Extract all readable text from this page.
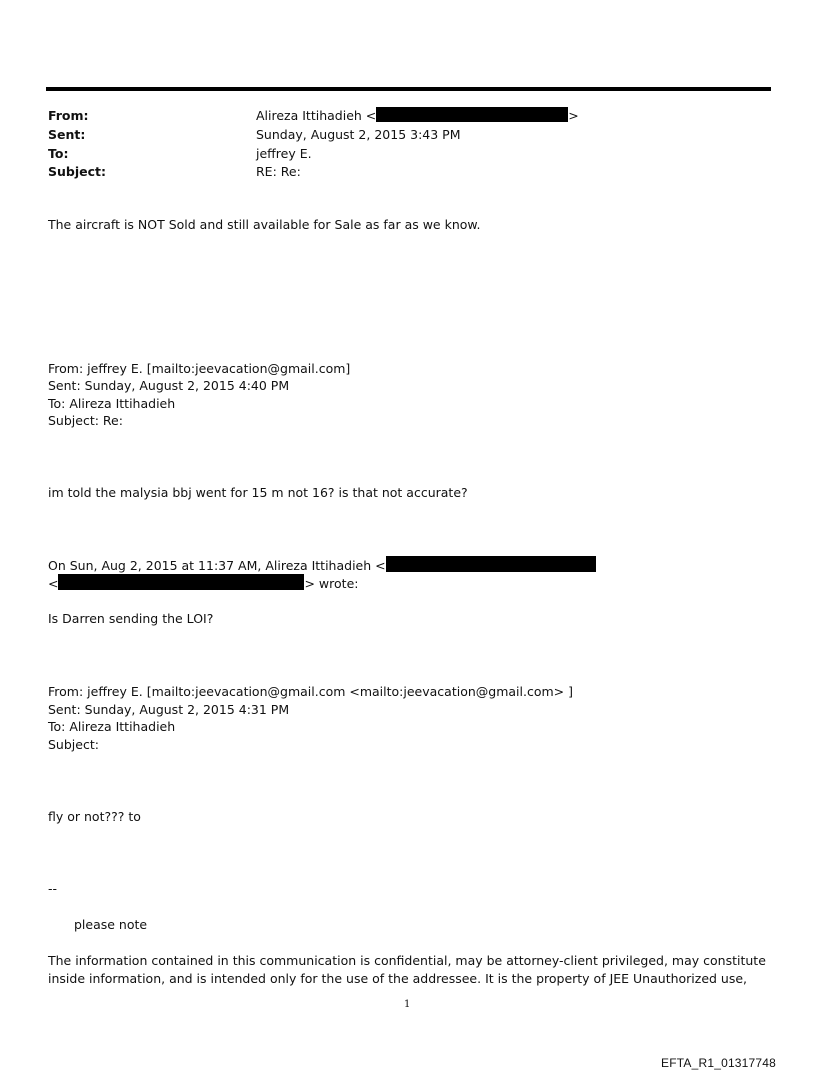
From:	Alireza Ittihadieh <	>
Sent:	Sunday, August 2, 2015 3:43 PM
To:	jeffrey E.
Subject:	RE: Re:
The aircraft is NOT Sold and still available for Sale as far as we know.
From: jeffrey E. [mailto:jeevacation@gmail.com]
Sent: Sunday, August 2, 2015 4:40 PM
To: Alireza Ittihadieh
Subject: Re:
im told the malysia bbj went for 15 m not 16? is that not accurate?
On Sun, Aug 2, 2015 at 11:37 AM, Alireza Ittihadieh <
<	> wrote:
Is Darren sending the LOI?
From: jeffrey E. [mailto:jeevacation@gmail.com <mailto:jeevacation@gmail.com> ]
Sent: Sunday, August 2, 2015 4:31 PM
To: Alireza Ittihadieh
Subject:
fly or not??? to
--
please note
The information contained in this communication is confidential, may be attorney-client privileged, may constitute
inside information, and is intended only for the use of the addressee. It is the property of JEE Unauthorized use,
1
EFTA_R1_01317748
